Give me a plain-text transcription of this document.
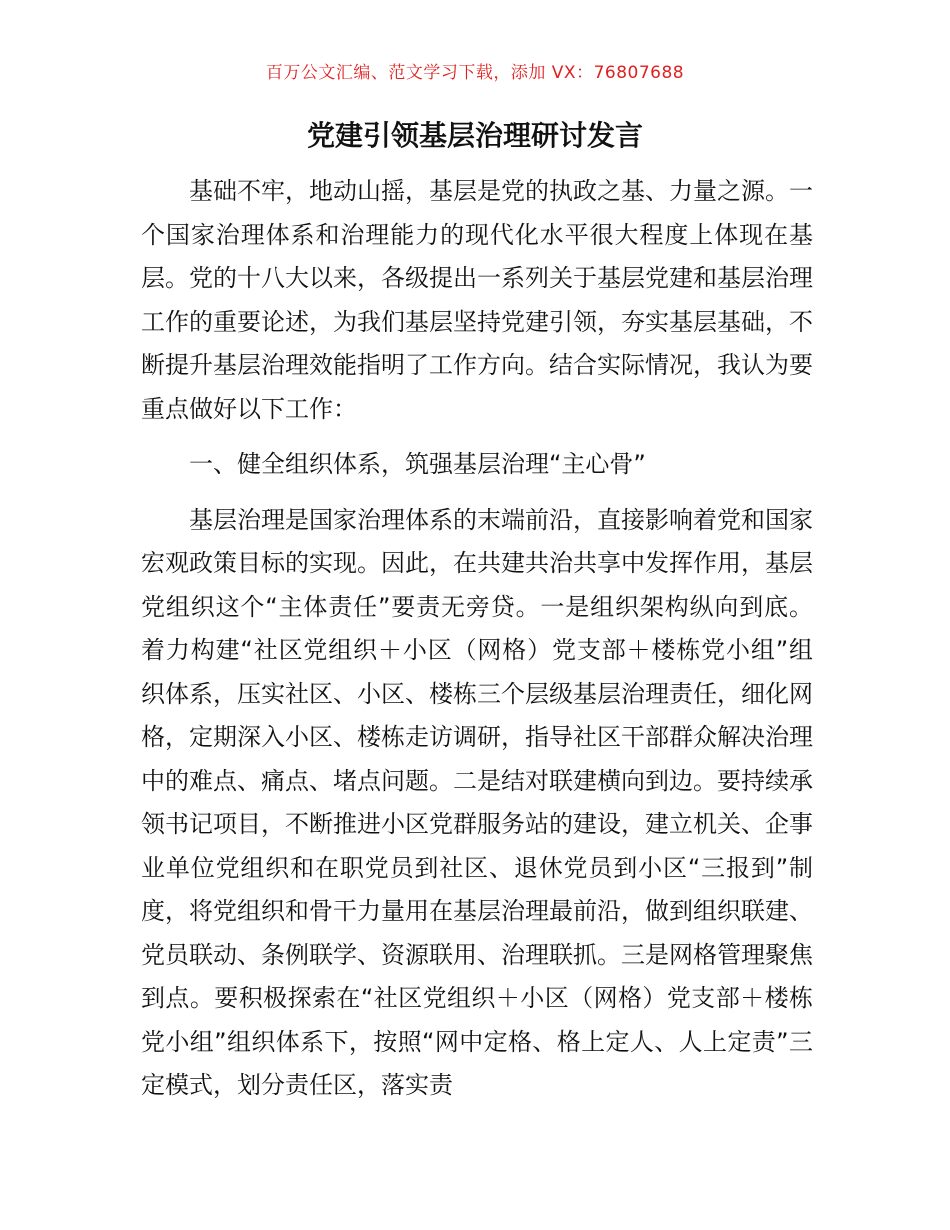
百万公文汇编、范文学习下载，添加 VX：76807688
党建引领基层治理研讨发言

基础不牢，地动山摇，基层是党的执政之基、力量之源。一个国家治理体系和治理能力的现代化水平很大程度上体现在基层。党的十八大以来，各级提出一系列关于基层党建和基层治理工作的重要论述，为我们基层坚持党建引领，夯实基层基础，不断提升基层治理效能指明了工作方向。结合实际情况，我认为要重点做好以下工作：

一、健全组织体系，筑强基层治理“主心骨”

基层治理是国家治理体系的末端前沿，直接影响着党和国家宏观政策目标的实现。因此，在共建共治共享中发挥作用，基层党组织这个“主体责任”要责无旁贷。一是组织架构纵向到底。着力构建“社区党组织＋小区（网格）党支部＋楼栋党小组”组织体系，压实社区、小区、楼栋三个层级基层治理责任，细化网格，定期深入小区、楼栋走访调研，指导社区干部群众解决治理中的难点、痛点、堵点问题。二是结对联建横向到边。要持续承领书记项目，不断推进小区党群服务站的建设，建立机关、企事业单位党组织和在职党员到社区、退休党员到小区“三报到”制度，将党组织和骨干力量用在基层治理最前沿，做到组织联建、党员联动、条例联学、资源联用、治理联抓。三是网格管理聚焦到点。要积极探索在“社区党组织＋小区（网格）党支部＋楼栋党小组”组织体系下，按照“网中定格、格上定人、人上定责”三定模式，划分责任区，落实责
